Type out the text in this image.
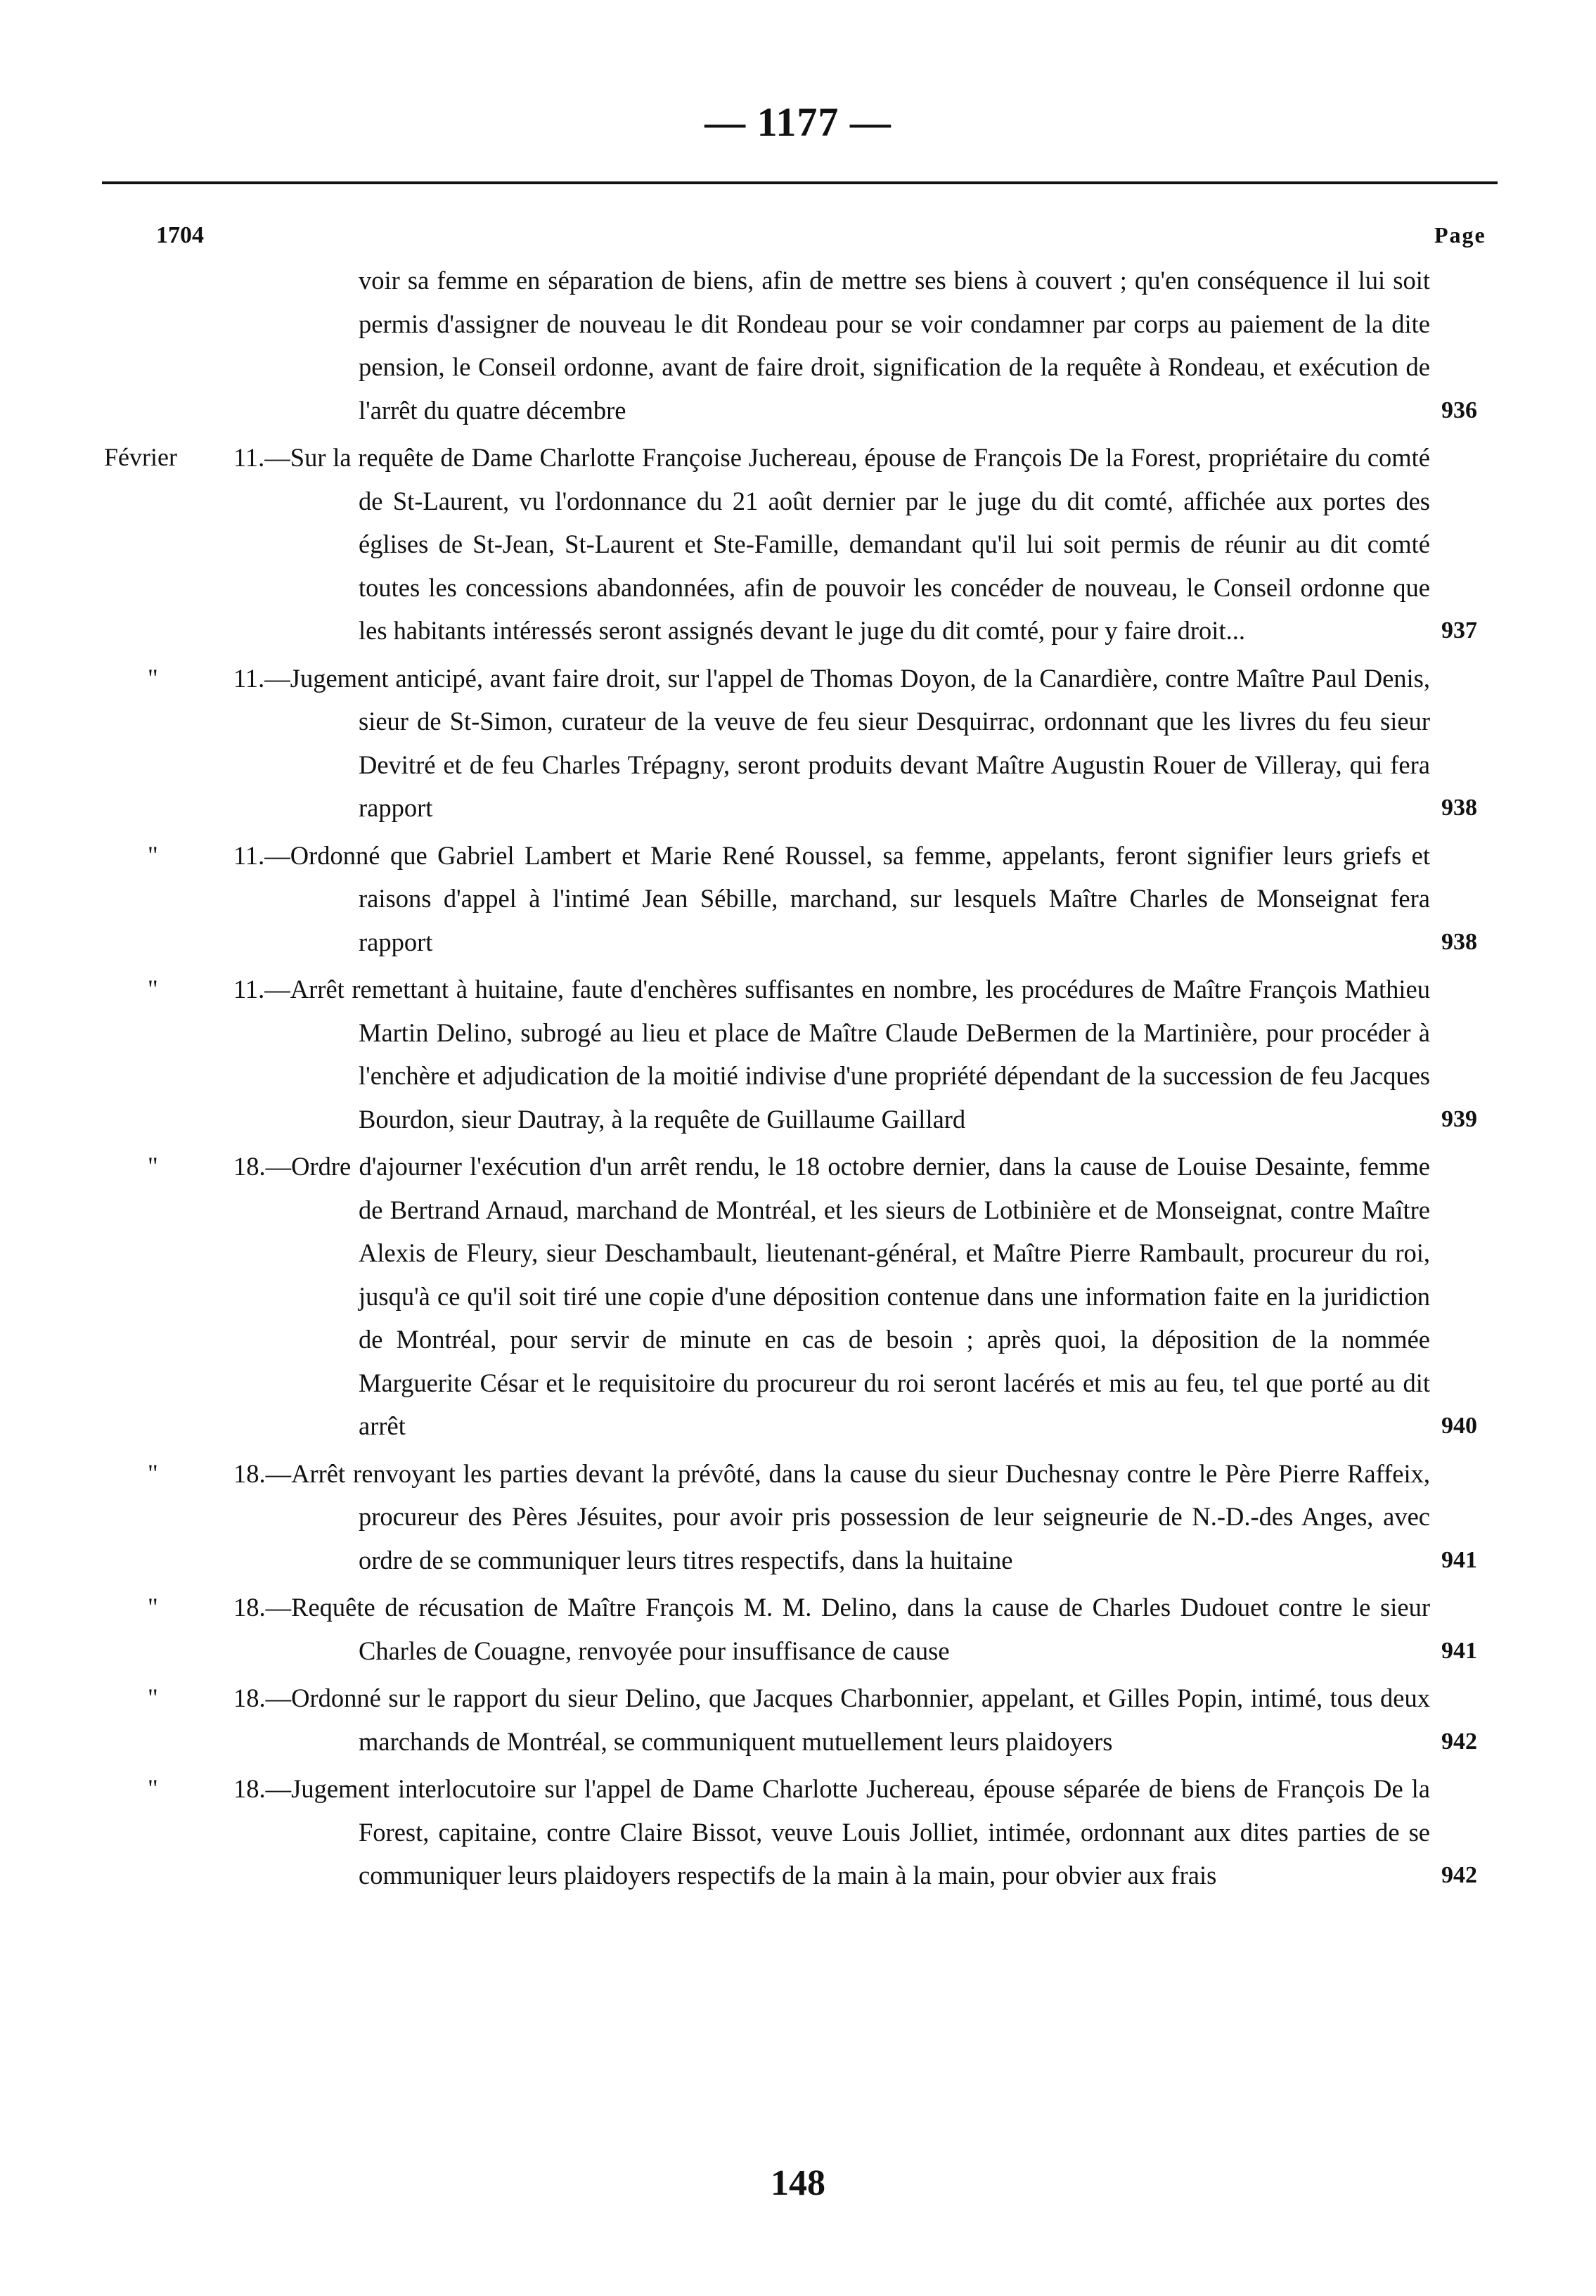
— 1177 —
1704	Page
voir sa femme en séparation de biens, afin de mettre ses biens à couvert ; qu'en conséquence il lui soit permis d'assigner de nouveau le dit Rondeau pour se voir condamner par corps au paiement de la dite pension, le Conseil ordonne, avant de faire droit, signification de la requête à Rondeau, et exécution de l'arrêt du quatre décembre	936
Février 11.—Sur la requête de Dame Charlotte Françoise Juchereau, épouse de François De la Forest, propriétaire du comté de St-Laurent, vu l'ordonnance du 21 août dernier par le juge du dit comté, affichée aux portes des églises de St-Jean, St-Laurent et Ste-Famille, demandant qu'il lui soit permis de réunir au dit comté toutes les concessions abandonnées, afin de pouvoir les concéder de nouveau, le Conseil ordonne que les habitants intéressés seront assignés devant le juge du dit comté, pour y faire droit...	937
"	11.—Jugement anticipé, avant faire droit, sur l'appel de Thomas Doyon, de la Canardière, contre Maître Paul Denis, sieur de St-Simon, curateur de la veuve de feu sieur Desquirrac, ordonnant que les livres du feu sieur Devitré et de feu Charles Trépagny, seront produits devant Maître Augustin Rouer de Villeray, qui fera rapport	938
"	11.—Ordonné que Gabriel Lambert et Marie René Roussel, sa femme, appelants, feront signifier leurs griefs et raisons d'appel à l'intimé Jean Sébille, marchand, sur lesquels Maître Charles de Monseignat fera rapport	938
"	11.—Arrêt remettant à huitaine, faute d'enchères suffisantes en nombre, les procédures de Maître François Mathieu Martin Delino, subrogé au lieu et place de Maître Claude DeBermen de la Martinière, pour procéder à l'enchère et adjudication de la moitié indivise d'une propriété dépendant de la succession de feu Jacques Bourdon, sieur Dautray, à la requête de Guillaume Gaillard	939
"	18.—Ordre d'ajourner l'exécution d'un arrêt rendu, le 18 octobre dernier, dans la cause de Louise Desainte, femme de Bertrand Arnaud, marchand de Montréal, et les sieurs de Lotbinière et de Monseignat, contre Maître Alexis de Fleury, sieur Deschambault, lieutenant-général, et Maître Pierre Rambault, procureur du roi, jusqu'à ce qu'il soit tiré une copie d'une déposition contenue dans une information faite en la juridiction de Montréal, pour servir de minute en cas de besoin ; après quoi, la déposition de la nommée Marguerite César et le requisitoire du procureur du roi seront lacérés et mis au feu, tel que porté au dit arrêt	940
"	18.—Arrêt renvoyant les parties devant la prévôté, dans la cause du sieur Duchesnay contre le Père Pierre Raffeix, procureur des Pères Jésuites, pour avoir pris possession de leur seigneurie de N.-D.-des Anges, avec ordre de se communiquer leurs titres respectifs, dans la huitaine	941
"	18.—Requête de récusation de Maître François M. M. Delino, dans la cause de Charles Dudouet contre le sieur Charles de Couagne, renvoyée pour insuffisance de cause	941
"	18.—Ordonné sur le rapport du sieur Delino, que Jacques Charbonnier, appelant, et Gilles Popin, intimé, tous deux marchands de Montréal, se communiquent mutuellement leurs plaidoyers	942
"	18.—Jugement interlocutoire sur l'appel de Dame Charlotte Juchereau, épouse séparée de biens de François De la Forest, capitaine, contre Claire Bissot, veuve Louis Jolliet, intimée, ordonnant aux dites parties de se communiquer leurs plaidoyers respectifs de la main à la main, pour obvier aux frais	942
148
